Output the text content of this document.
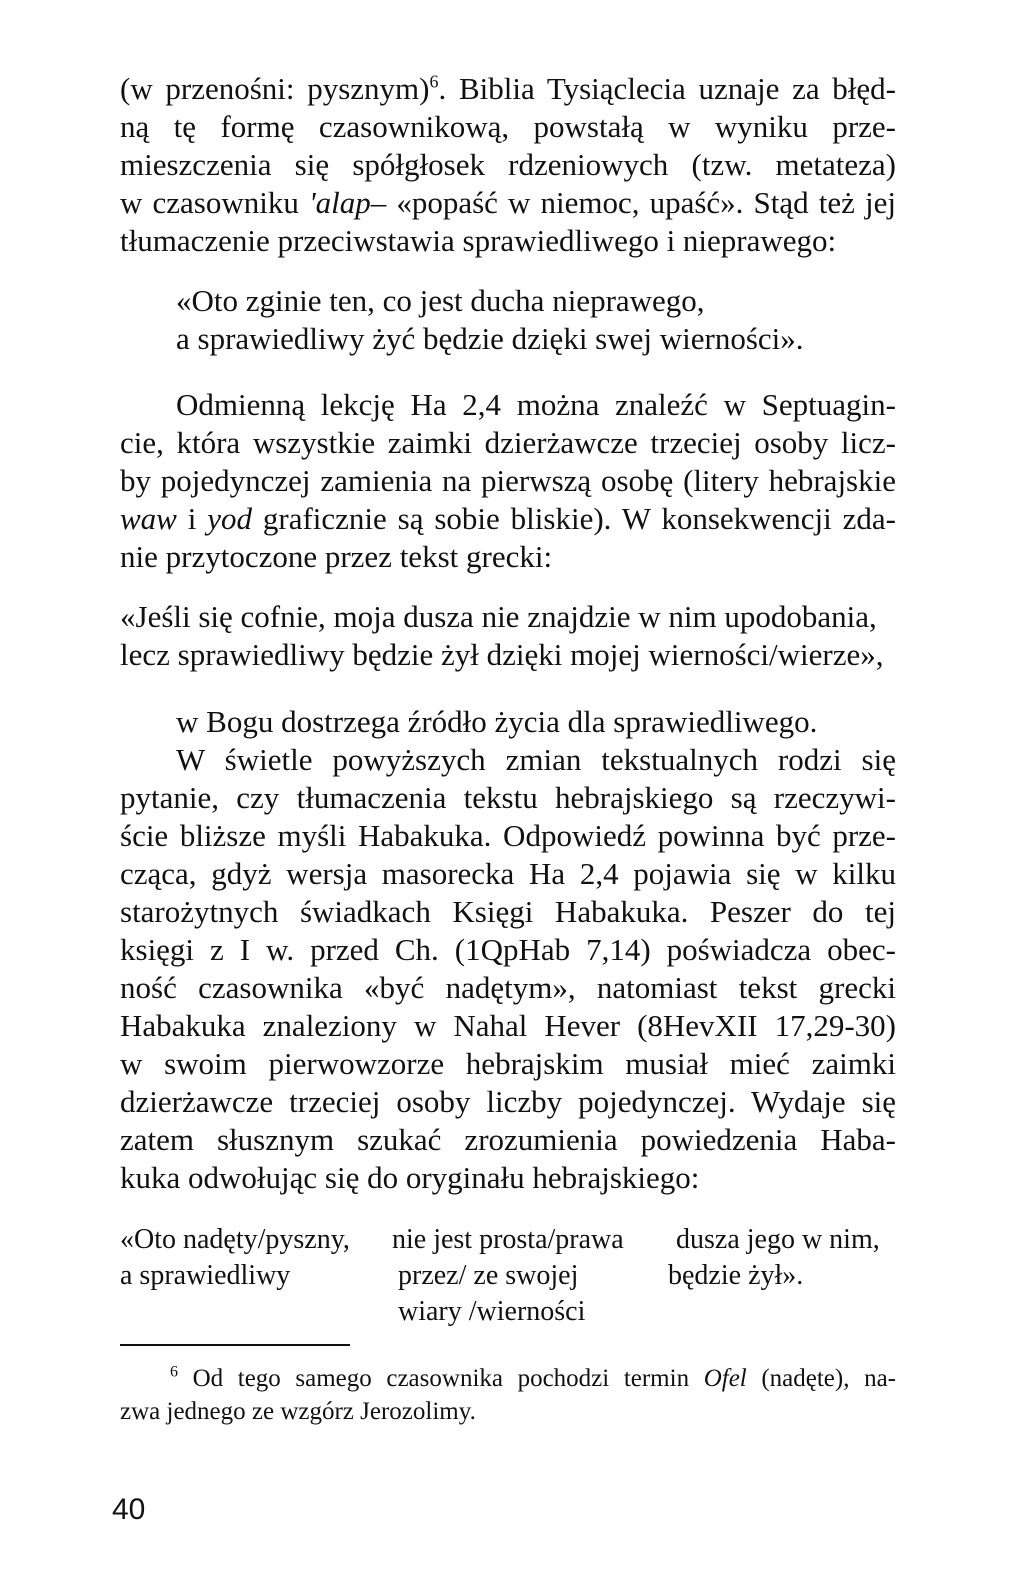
(w przenośni: pysznym)$^6$. Biblia Tysiąclecia uznaje za błęd-
ną tę formę czasownikową, powstałą w wyniku prze-
mieszczenia się spółgłosek rdzeniowych (tzw. metateza)
w czasowniku 'alap– «popaść w niemoc, upaść». Stąd też jej
tłumaczenie przeciwstawia sprawiedliwego i nieprawego:
«Oto zginie ten, co jest ducha nieprawego,
a sprawiedliwy żyć będzie dzięki swej wierności».
Odmienną lekcję Ha 2,4 można znaleźć w Septuagin-
cie, która wszystkie zaimki dzierżawcze trzeciej osoby licz-
by pojedynczej zamienia na pierwszą osobę (litery hebrajskie
waw i yod graficznie są sobie bliskie). W konsekwencji zda-
nie przytoczone przez tekst grecki:
«Jeśli się cofnie, moja dusza nie znajdzie w nim upodobania,
lecz sprawiedliwy będzie żył dzięki mojej wierności/wierze»,
w Bogu dostrzega źródło życia dla sprawiedliwego.
W świetle powyższych zmian tekstualnych rodzi się
pytanie, czy tłumaczenia tekstu hebrajskiego są rzeczywi-
ście bliższe myśli Habakuka. Odpowiedź powinna być prze-
cząca, gdyż wersja masorecka Ha 2,4 pojawia się w kilku
starożytnych świadkach Księgi Habakuka. Peszer do tej
księgi z I w. przed Ch. (1QpHab 7,14) poświadcza obec-
ność czasownika «być nadętym», natomiast tekst grecki
Habakuka znaleziony w Nahal Hever (8HevXII 17,29-30)
w swoim pierwowzorze hebrajskim musiał mieć zaimki
dzierżawcze trzeciej osoby liczby pojedynczej. Wydaje się
zatem słusznym szukać zrozumienia powiedzenia Haba-
kuka odwołując się do oryginału hebrajskiego:
«Oto nadęty/pyszny,
a sprawiedliwy
nie jest prosta/prawa
przez/ ze swojej
wiary /wierności
dusza jego w nim,
będzie żył».
$^6$ Od tego samego czasownika pochodzi termin Ofel (nadęte), na-
zwa jednego ze wzgórz Jerozolimy.
40
